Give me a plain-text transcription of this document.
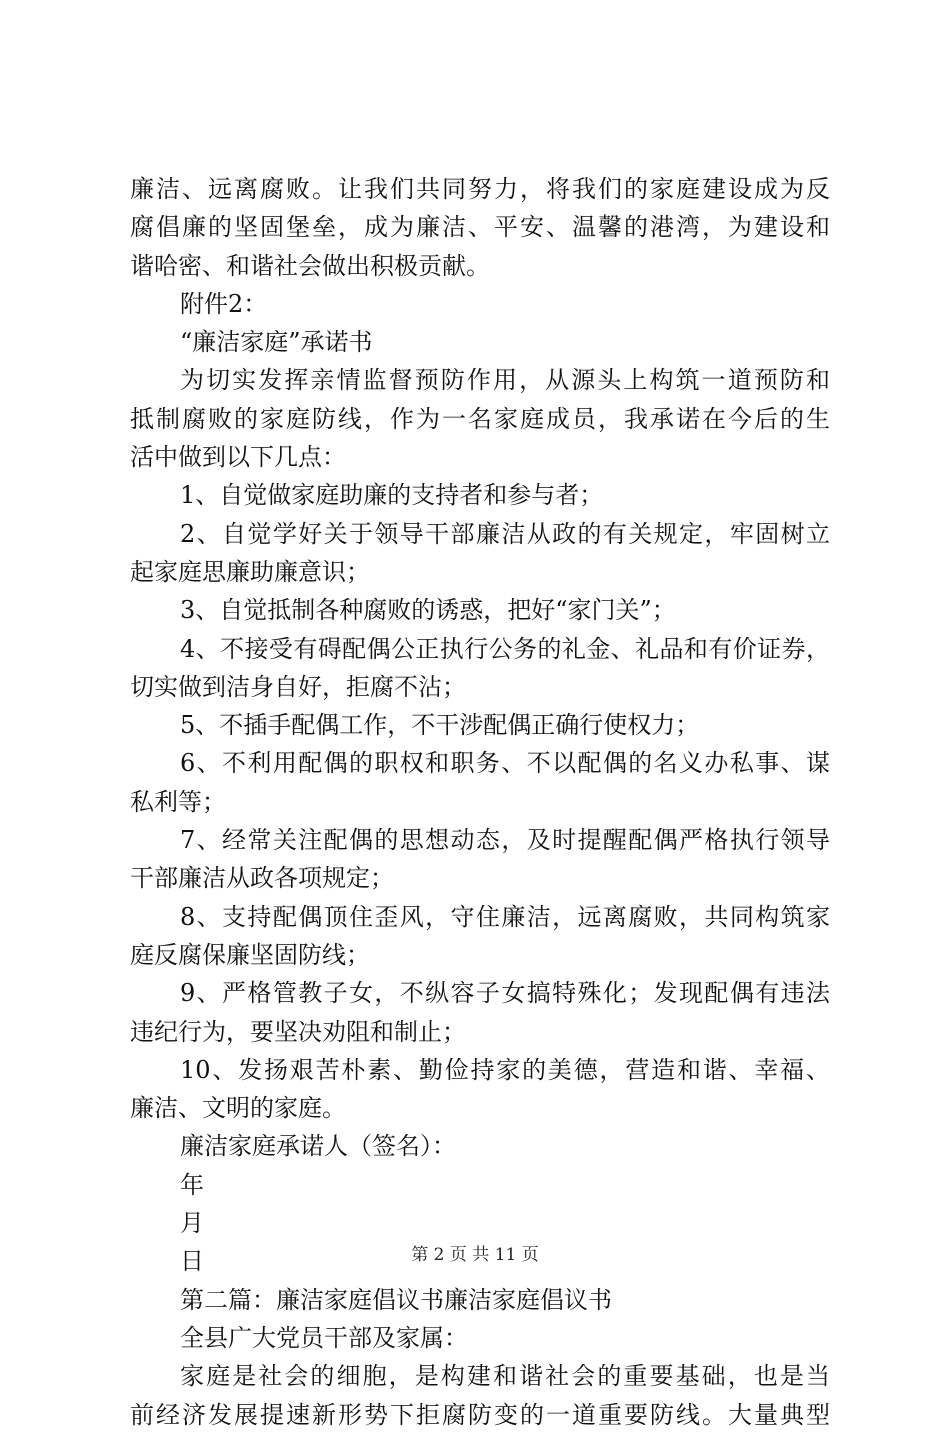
廉洁、远离腐败。让我们共同努力，将我们的家庭建设成为反
腐倡廉的坚固堡垒，成为廉洁、平安、温馨的港湾，为建设和
谐哈密、和谐社会做出积极贡献。
附件2：
“廉洁家庭”承诺书
为切实发挥亲情监督预防作用，从源头上构筑一道预防和
抵制腐败的家庭防线，作为一名家庭成员，我承诺在今后的生
活中做到以下几点：
1、自觉做家庭助廉的支持者和参与者；
2、自觉学好关于领导干部廉洁从政的有关规定，牢固树立
起家庭思廉助廉意识；
3、自觉抵制各种腐败的诱惑，把好“家门关”；
4、不接受有碍配偶公正执行公务的礼金、礼品和有价证券，
切实做到洁身自好，拒腐不沾；
5、不插手配偶工作，不干涉配偶正确行使权力；
6、不利用配偶的职权和职务、不以配偶的名义办私事、谋
私利等；
7、经常关注配偶的思想动态，及时提醒配偶严格执行领导
干部廉洁从政各项规定；
8、支持配偶顶住歪风，守住廉洁，远离腐败，共同构筑家
庭反腐保廉坚固防线；
9、严格管教子女，不纵容子女搞特殊化；发现配偶有违法
违纪行为，要坚决劝阻和制止；
10、发扬艰苦朴素、勤俭持家的美德，营造和谐、幸福、
廉洁、文明的家庭。
廉洁家庭承诺人（签名）：
年
月
日
第二篇：廉洁家庭倡议书廉洁家庭倡议书
全县广大党员干部及家属：
家庭是社会的细胞，是构建和谐社会的重要基础，也是当
前经济发展提速新形势下拒腐防变的一道重要防线。大量典型
第 2 页 共 11 页
